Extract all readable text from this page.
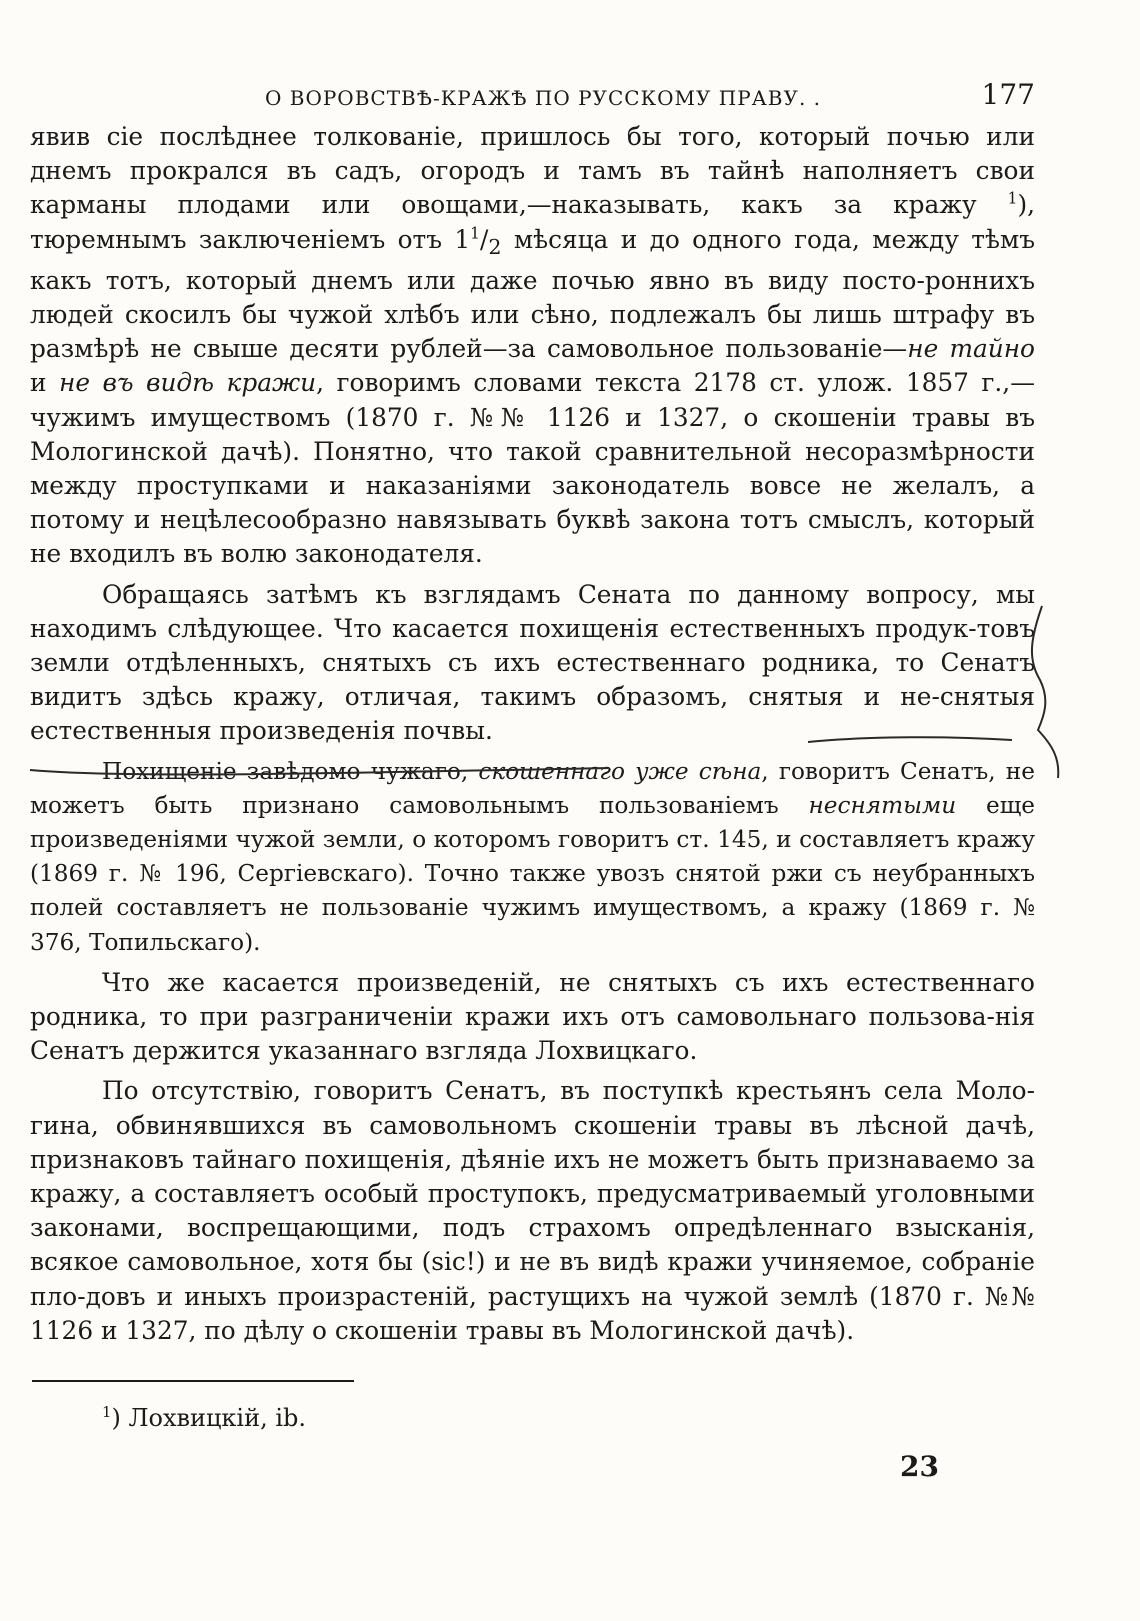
О ВОРОВСТВѢ-КРАЖѢ ПО РУССКОМУ ПРАВУ. .	177

явив сіе послѣднее толкованіе, пришлось бы того, который почью или днемъ прокрался въ садъ, огородъ и тамъ въ тайнѣ наполняетъ свои карманы плодами или овощами,—наказывать, какъ за кражу $^1$), тюремнымъ заключеніемъ отъ $1^1/_2$ мѣсяца и до одного года, между тѣмъ какъ тотъ, который днемъ или даже почью явно въ виду посто-роннихъ людей скосилъ бы чужой хлѣбъ или сѣно, подлежалъ бы лишь штрафу въ размѣрѣ не свыше десяти рублей—за самовольное пользованіе—не тайно и не въ видѣ кражи, говоримъ словами текста 2178 ст. улож. 1857 г.,—чужимъ имуществомъ (1870 г. №№ 1126 и 1327, о скошеніи травы въ Мологинской дачѣ). Понятно, что такой сравнительной несоразмѣрности между проступками и наказаніями законодатель вовсе не желалъ, а потому и нецѣлесообразно навязывать буквѣ закона тотъ смыслъ, который не входилъ въ волю законодателя.

Обращаясь затѣмъ къ взглядамъ Сената по данному вопросу, мы находимъ слѣдующее. Что касается похищенія естественныхъ продук-товъ земли отдѣленныхъ, снятыхъ съ ихъ естественнаго родника, то Сенатъ видитъ здѣсь кражу, отличая, такимъ образомъ, снятыя и не-снятыя естественныя произведенія почвы.

Похищеніе завѣдомо чужаго, скошеннаго уже сѣна, говоритъ Сенатъ, не можетъ быть признано самовольнымъ пользованіемъ неснятыми еще произведеніями чужой земли, о которомъ говоритъ ст. 145, и составляетъ кражу (1869 г. № 196, Сергіевскаго). Точно также увозъ снятой ржи съ неубранныхъ полей составляетъ не пользованіе чужимъ имуществомъ, а кражу (1869 г. № 376, Топильскаго).

Что же касается произведеній, не снятыхъ съ ихъ естественнаго родника, то при разграниченіи кражи ихъ отъ самовольнаго пользова-нія Сенатъ держится указаннаго взгляда Лохвицкаго.

По отсутствію, говоритъ Сенатъ, въ поступкѣ крестьянъ села Моло-гина, обвинявшихся въ самовольномъ скошеніи травы въ лѣсной дачѣ, признаковъ тайнаго похищенія, дѣяніе ихъ не можетъ быть признаваемо за кражу, а составляетъ особый проступокъ, предусматриваемый уголовными законами, воспрещающими, подъ страхомъ опредѣленнаго взысканія, всякое самовольное, хотя бы (sic!) и не въ видѣ кражи учиняемое, собраніе пло-довъ и иныхъ произрастеній, растущихъ на чужой землѣ (1870 г. №№ 1126 и 1327, по дѣлу о скошеніи травы въ Мологинской дачѣ).

$^1$) Лохвицкій, ib.
23
